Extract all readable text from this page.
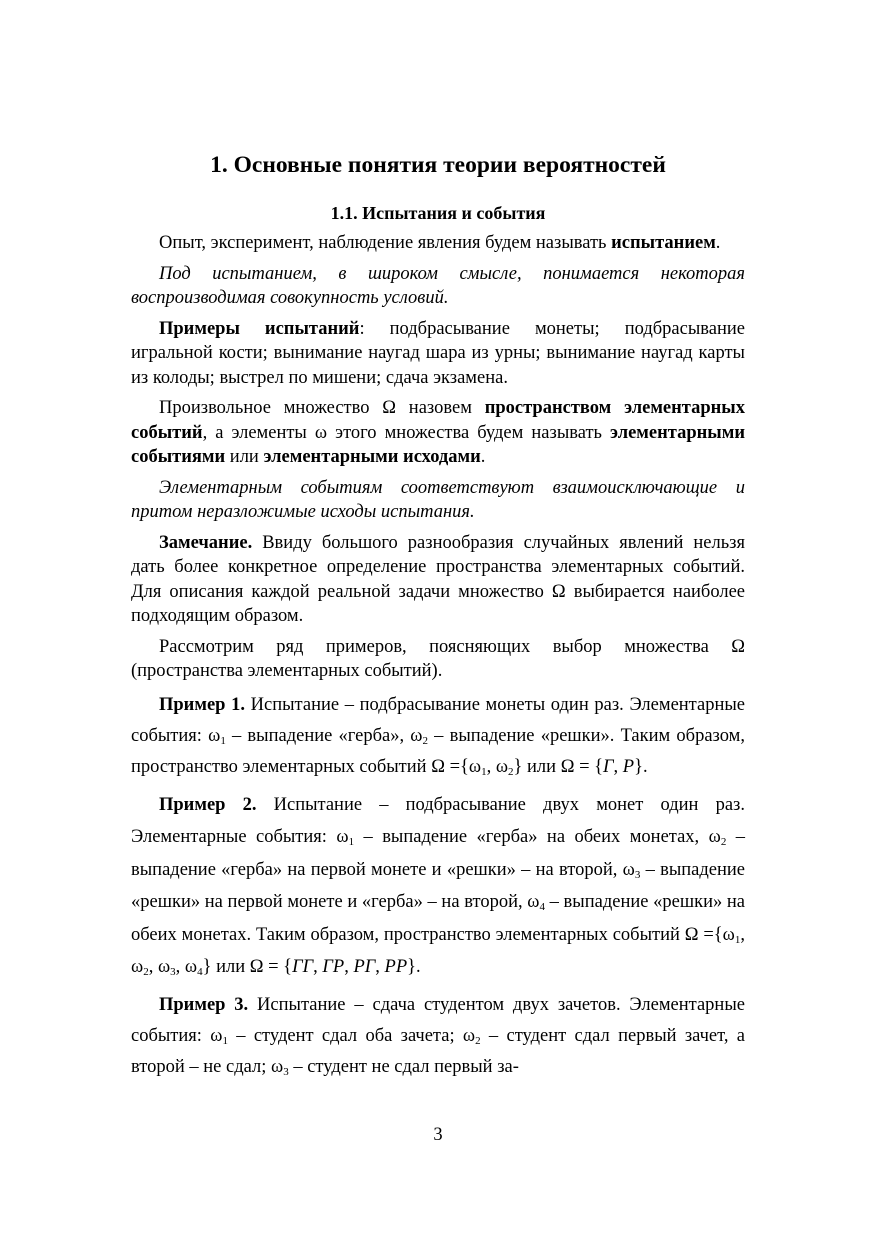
1. Основные понятия теории вероятностей
1.1. Испытания и события

Опыт, эксперимент, наблюдение явления будем называть испытанием.

Под испытанием, в широком смысле, понимается некоторая воспроизводимая совокупность условий.

Примеры испытаний: подбрасывание монеты; подбрасывание игральной кости; вынимание наугад шара из урны; вынимание наугад карты из колоды; выстрел по мишени; сдача экзамена.

Произвольное множество Ω назовем пространством элементарных событий, а элементы ω этого множества будем называть элементарными событиями или элементарными исходами.

Элементарным событиям соответствуют взаимоисключающие и притом неразложимые исходы испытания.

Замечание. Ввиду большого разнообразия случайных явлений нельзя дать более конкретное определение пространства элементарных событий. Для описания каждой реальной задачи множество Ω выбирается наиболее подходящим образом.

Рассмотрим ряд примеров, поясняющих выбор множества Ω (пространства элементарных событий).

Пример 1. Испытание – подбрасывание монеты один раз. Элементарные события: $\omega_1$ – выпадение «герба», $\omega_2$ – выпадение «решки». Таким образом, пространство элементарных событий $\Omega =\{\omega_1$, $\omega_2$} или Ω = {Г, Р}.

Пример 2. Испытание – подбрасывание двух монет один раз. Элементарные события: $\omega_1$ – выпадение «герба» на обеих монетах, $\omega_2$ – выпадение «герба» на первой монете и «решки» – на второй, $\omega_3$ – выпадение «решки» на первой монете и «герба» – на второй, $\omega_4$ – выпадение «решки» на обеих монетах. Таким образом, пространство элементарных событий $\Omega =\{\omega_1$, $\omega_2$, $\omega_3$, $\omega_4$} или Ω = {ГГ, ГР, РГ, РР}.

Пример 3. Испытание – сдача студентом двух зачетов. Элементарные события: $\omega_1$ – студент сдал оба зачета; $\omega_2$ – студент сдал первый зачет, а второй – не сдал; $\omega_3$ – студент не сдал первый за-

3
